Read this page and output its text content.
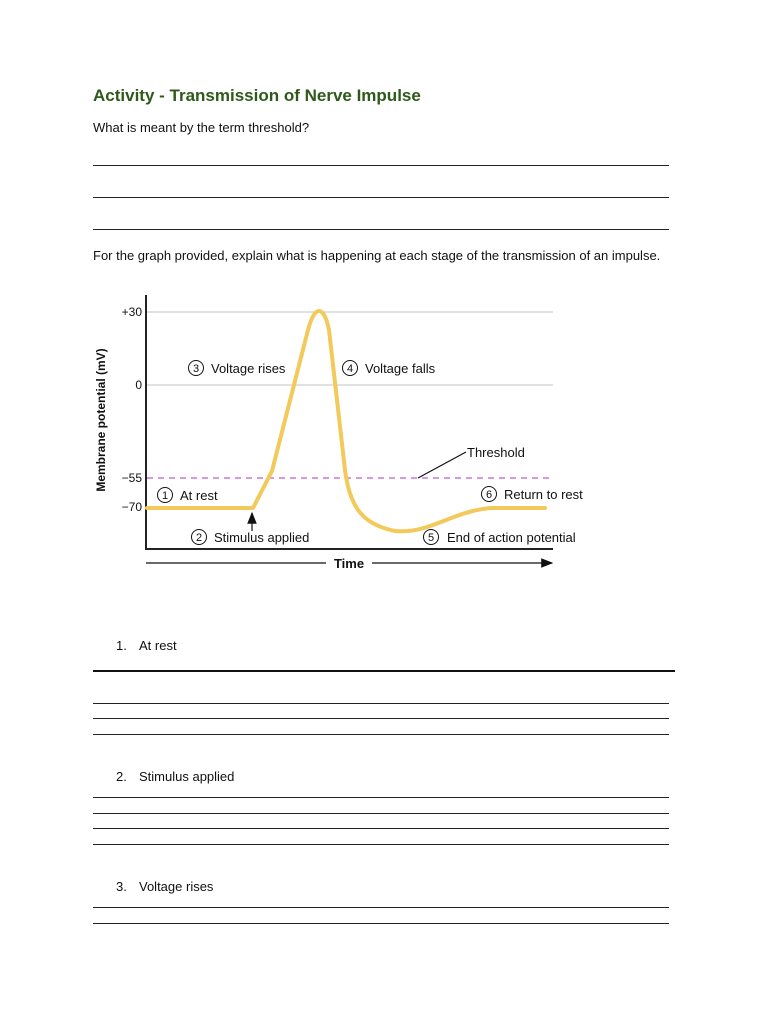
Activity - Transmission of Nerve Impulse
What is meant by the term threshold?
For the graph provided, explain what is happening at each stage of the transmission of an impulse.
+30
0
−55
−70
Membrane potential (mV)	Threshold
1 At rest
2 Stimulus applied
3 Voltage rises	4 Voltage falls
5 End of action potential
6 Return to rest
Time
1. At rest
2. Stimulus applied
3. Voltage rises
